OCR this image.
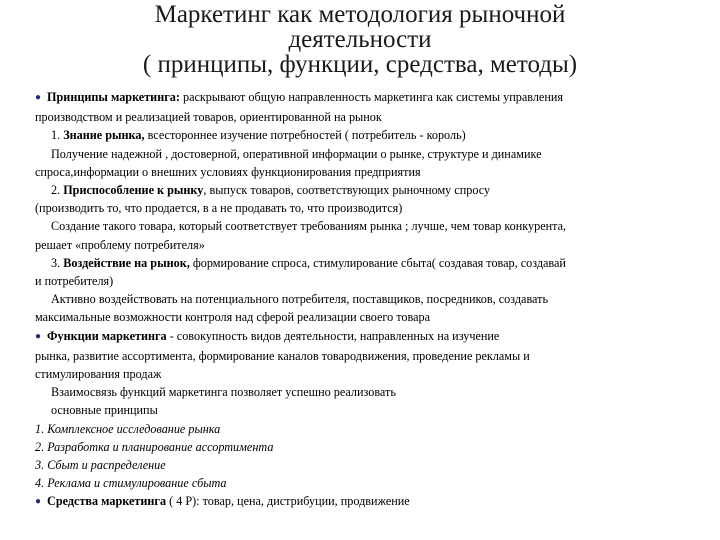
Маркетинг как методология рыночной
деятельности
( принципы, функции, средства, методы)

● Принципы маркетинга: раскрывают общую направленность маркетинга как системы управления

производством и реализацией товаров, ориентированной на рынок

1. Знание рынка, всестороннее изучение потребностей ( потребитель - король)

Получение надежной , достоверной, оперативной информации о рынке, структуре и динамике

спроса,информации о внешних условиях функционирования предприятия

2. Приспособление к рынку, выпуск товаров, соответствующих рыночному спросу

(производить то, что продается, в а не продавать то, что производится)

Создание такого товара, который соответствует требованиям рынка ; лучше, чем товар конкурента,

решает «проблему потребителя»

3. Воздействие на рынок, формирование спроса, стимулирование сбыта( создавая товар, создавай

и потребителя)

Активно воздействовать на потенциального потребителя, поставщиков, посредников, создавать

максимальные возможности контроля над сферой реализации своего товара

● Функции маркетинга - совокупность видов деятельности, направленных на изучение

рынка, развитие ассортимента, формирование каналов товародвижения, проведение рекламы и

стимулирования продаж

Взаимосвязь функций маркетинга позволяет успешно реализовать

основные принципы

1. Комплексное исследование рынка

2. Разработка и планирование ассортимента

3. Сбыт и распределение

4. Реклама и стимулирование сбыта

● Средства маркетинга ( 4 P): товар, цена, дистрибуции, продвижение
